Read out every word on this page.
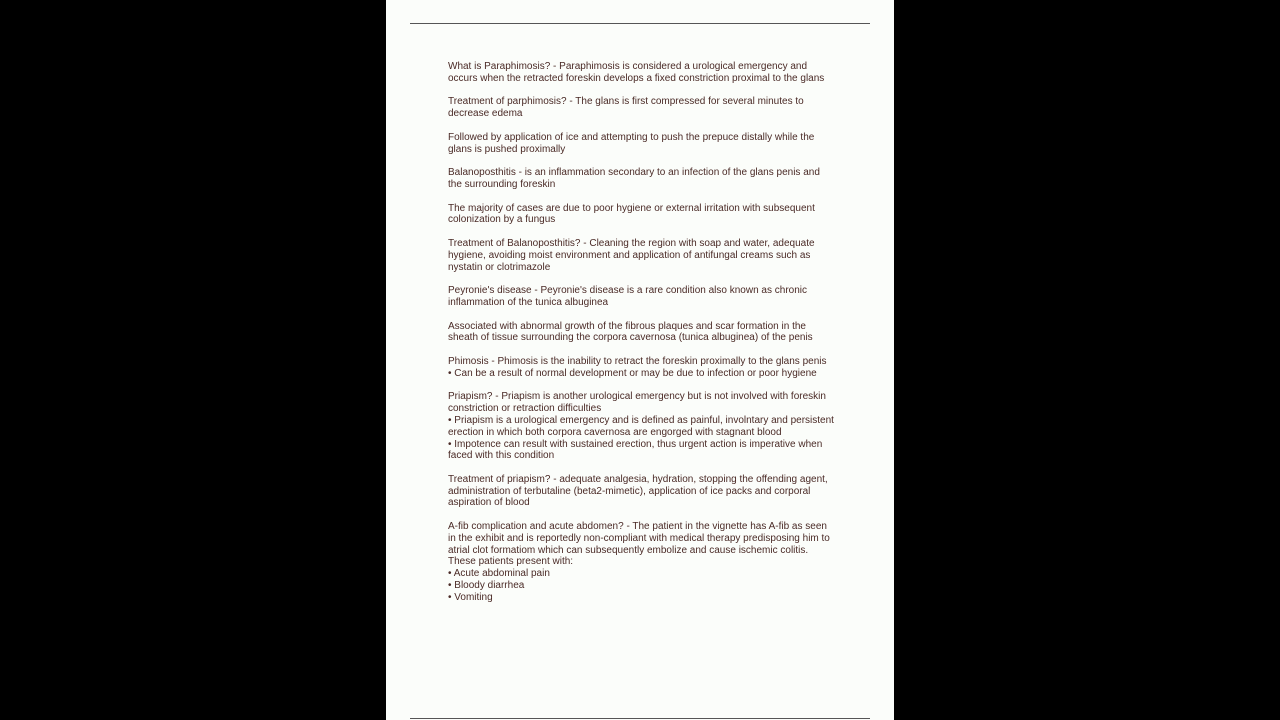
What is Paraphimosis? - Paraphimosis is considered a urological emergency and
occurs when the retracted foreskin develops a fixed constriction proximal to the glans
Treatment of parphimosis? - The glans is first compressed for several minutes to
decrease edema
Followed by application of ice and attempting to push the prepuce distally while the
glans is pushed proximally
Balanoposthitis - is an inflammation secondary to an infection of the glans penis and
the surrounding foreskin
The majority of cases are due to poor hygiene or external irritation with subsequent
colonization by a fungus
Treatment of Balanoposthitis? - Cleaning the region with soap and water, adequate
hygiene, avoiding moist environment and application of antifungal creams such as
nystatin or clotrimazole
Peyronie's disease - Peyronie's disease is a rare condition also known as chronic
inflammation of the tunica albuginea
Associated with abnormal growth of the fibrous plaques and scar formation in the
sheath of tissue surrounding the corpora cavernosa (tunica albuginea) of the penis
Phimosis - Phimosis is the inability to retract the foreskin proximally to the glans penis
• Can be a result of normal development or may be due to infection or poor hygiene
Priapism? - Priapism is another urological emergency but is not involved with foreskin
constriction or retraction difficulties
• Priapism is a urological emergency and is defined as painful, involntary and persistent
erection in which both corpora cavernosa are engorged with stagnant blood
• Impotence can result with sustained erection, thus urgent action is imperative when
faced with this condition
Treatment of priapism? - adequate analgesia, hydration, stopping the offending agent,
administration of terbutaline (beta2-mimetic), application of ice packs and corporal
aspiration of blood
A-fib complication and acute abdomen? - The patient in the vignette has A-fib as seen
in the exhibit and is reportedly non-compliant with medical therapy predisposing him to
atrial clot formatiom which can subsequently embolize and cause ischemic colitis.
These patients present with:
• Acute abdominal pain
• Bloody diarrhea
• Vomiting
